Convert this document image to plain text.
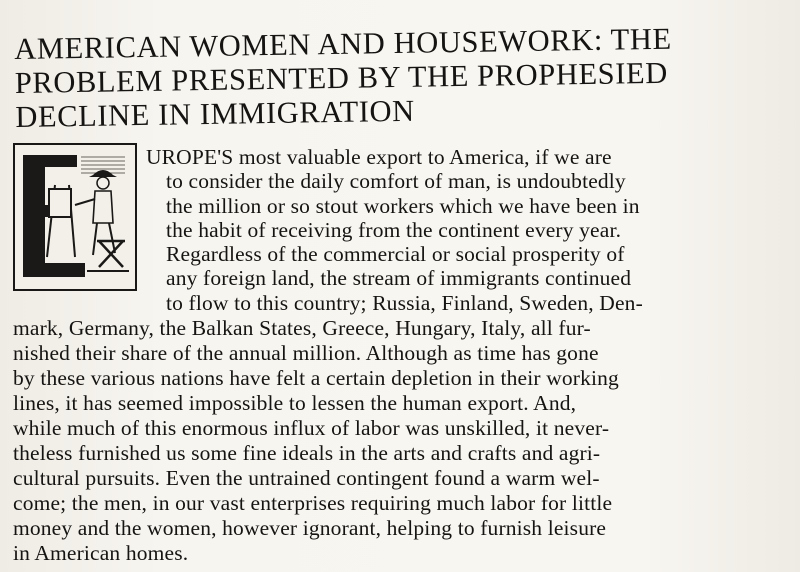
AMERICAN WOMEN AND HOUSEWORK: THE
PROBLEM PRESENTED BY THE PROPHESIED
DECLINE IN IMMIGRATION

UROPE'S most valuable export to America, if we are

to consider the daily comfort of man, is undoubtedly

the million or so stout workers which we have been in

the habit of receiving from the continent every year.

Regardless of the commercial or social prosperity of

any foreign land, the stream of immigrants continued

to flow to this country; Russia, Finland, Sweden, Den-

mark, Germany, the Balkan States, Greece, Hungary, Italy, all fur-

nished their share of the annual million. Although as time has gone

by these various nations have felt a certain depletion in their working

lines, it has seemed impossible to lessen the human export. And,

while much of this enormous influx of labor was unskilled, it never-

theless furnished us some fine ideals in the arts and crafts and agri-

cultural pursuits. Even the untrained contingent found a warm wel-

come; the men, in our vast enterprises requiring much labor for little

money and the women, however ignorant, helping to furnish leisure

in American homes.
